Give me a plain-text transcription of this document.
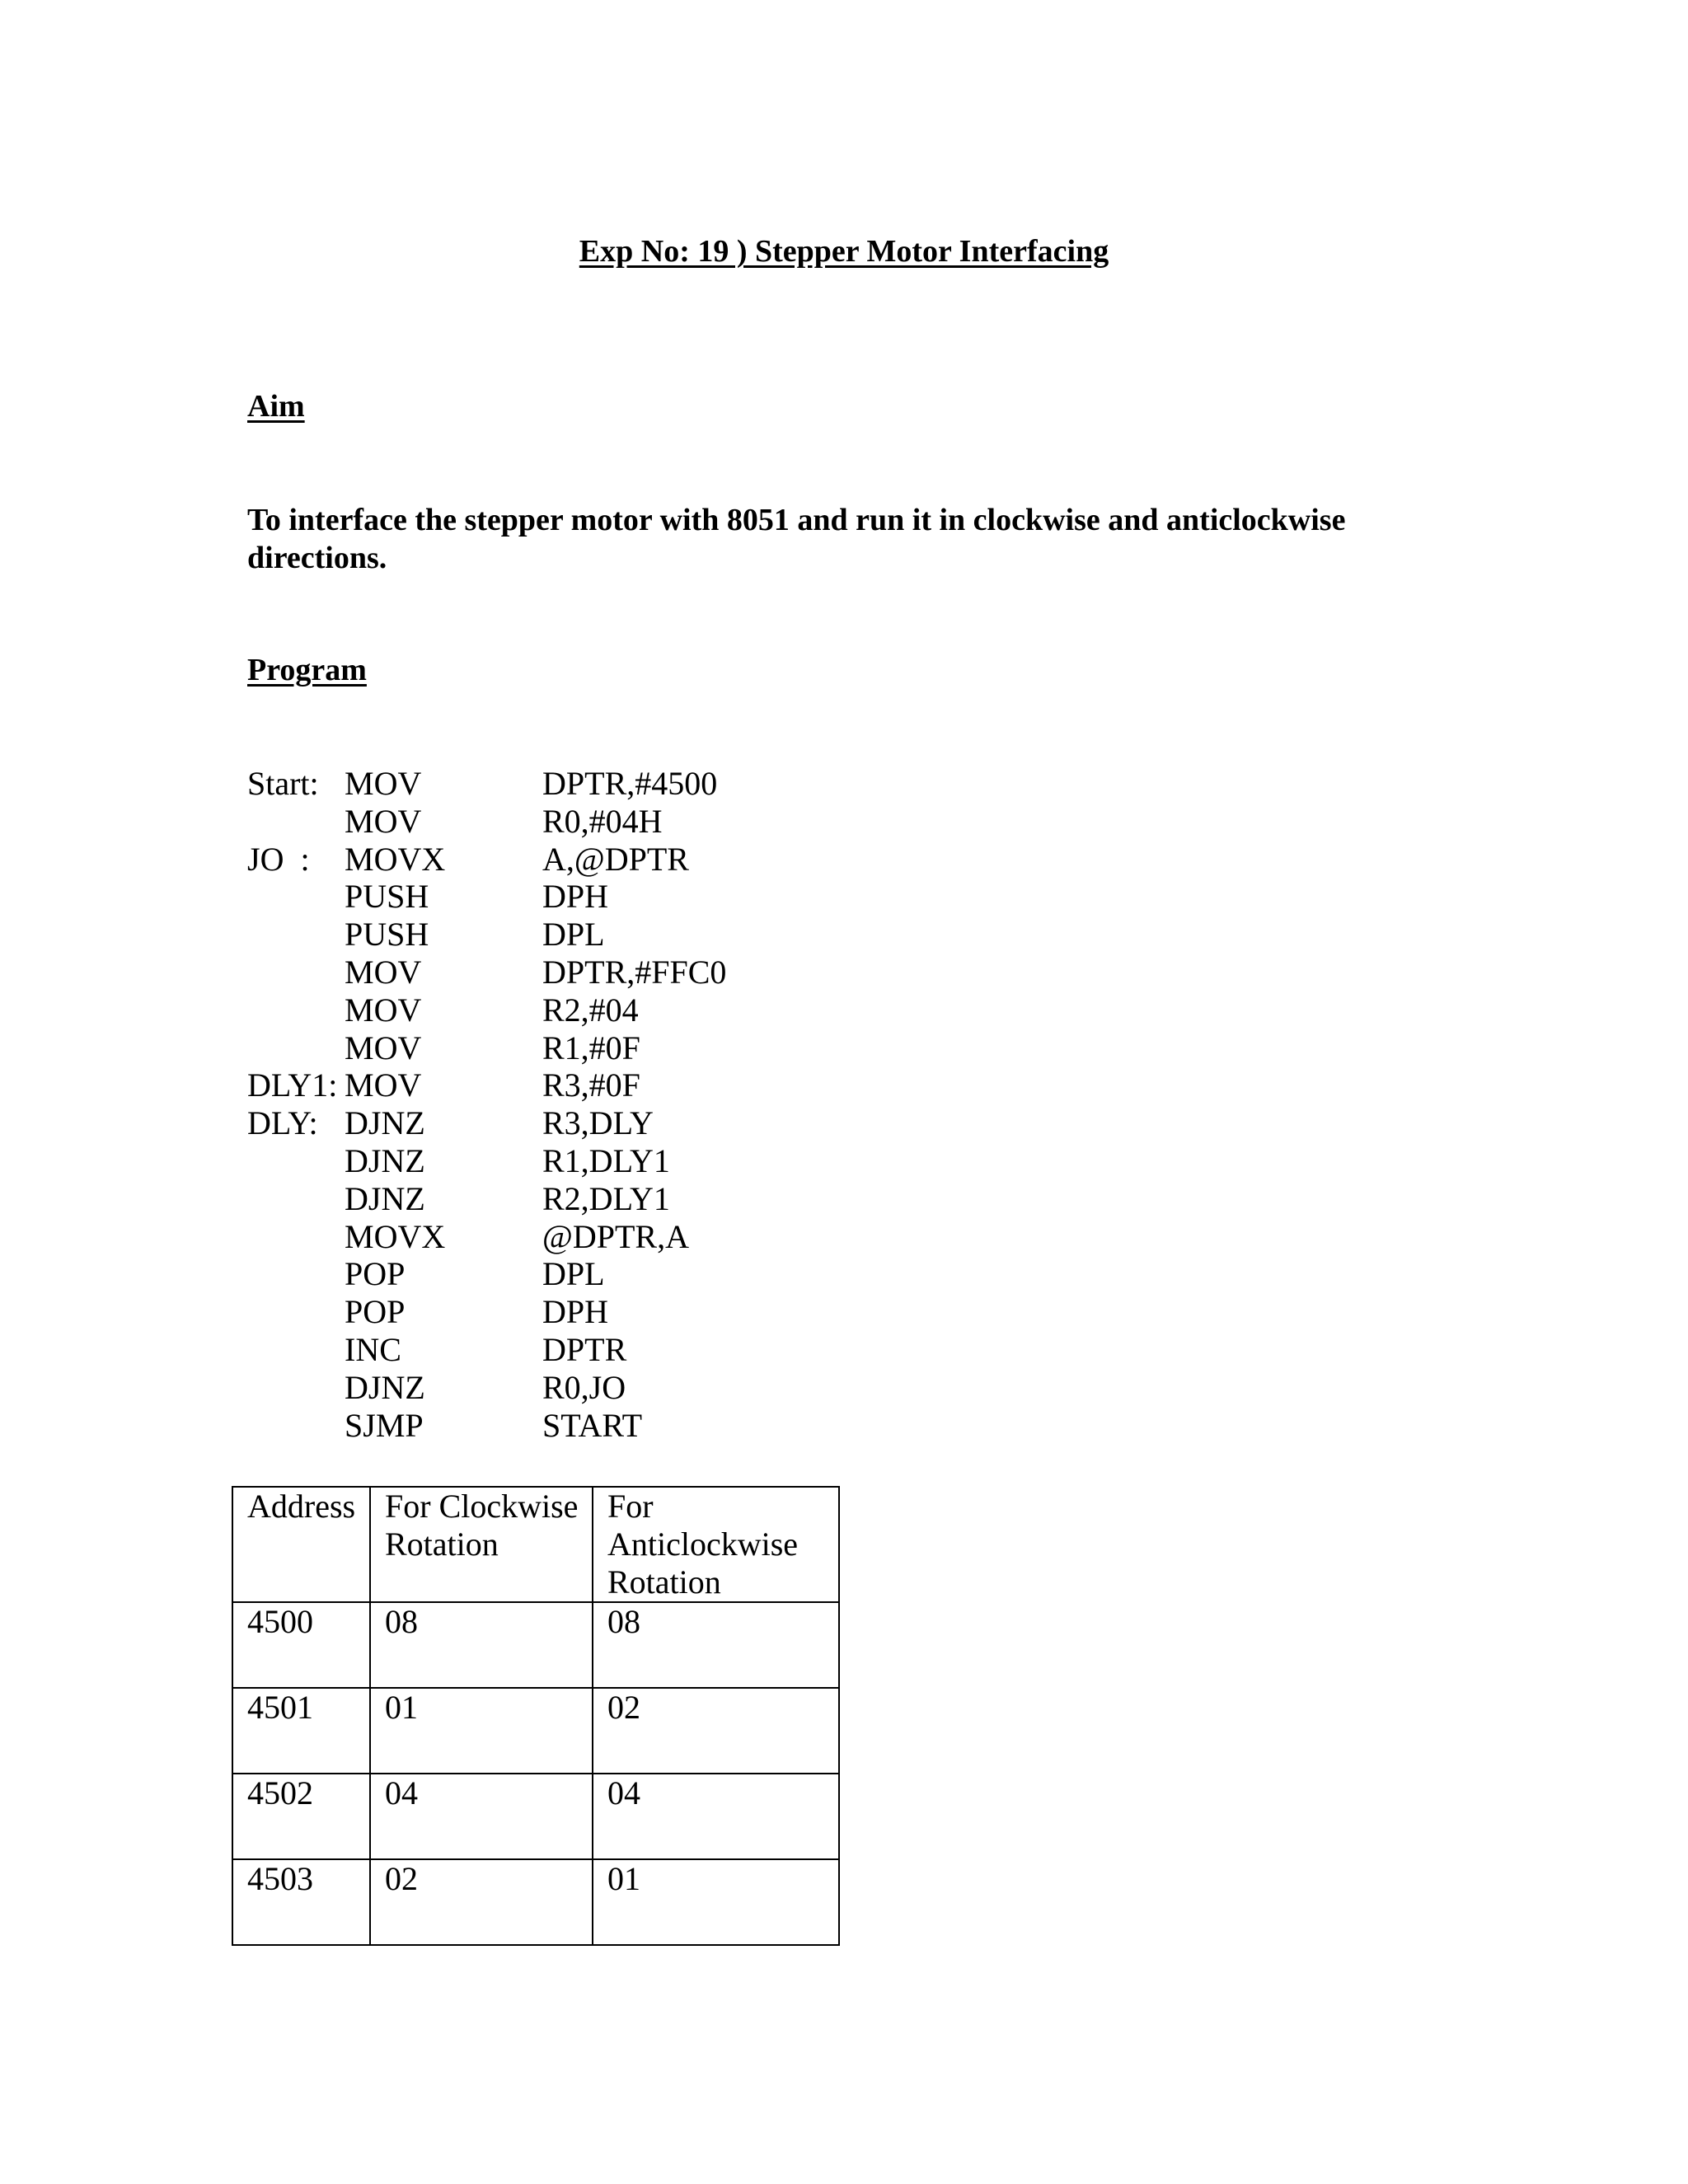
Exp No: 19 ) Stepper Motor Interfacing
Aim
To interface the stepper motor with 8051 and run it in clockwise and anticlockwise directions.
Program
Start: MOV	DPTR,#4500
MOV	R0,#04H
JO  : MOVX	A,@DPTR
PUSH	DPH
PUSH	DPL
MOV	DPTR,#FFC0
MOV	R2,#04
MOV	R1,#0F
DLY1: MOV	R3,#0F
DLY: DJNZ	R3,DLY
DJNZ	R1,DLY1
DJNZ	R2,DLY1
MOVX	@DPTR,A
POP	DPL
POP	DPH
INC	DPTR
DJNZ	R0,JO
SJMP	START
Address	For Clockwise Rotation	For Anticlockwise Rotation
4500	08	08
4501	01	02
4502	04	04
4503	02	01
